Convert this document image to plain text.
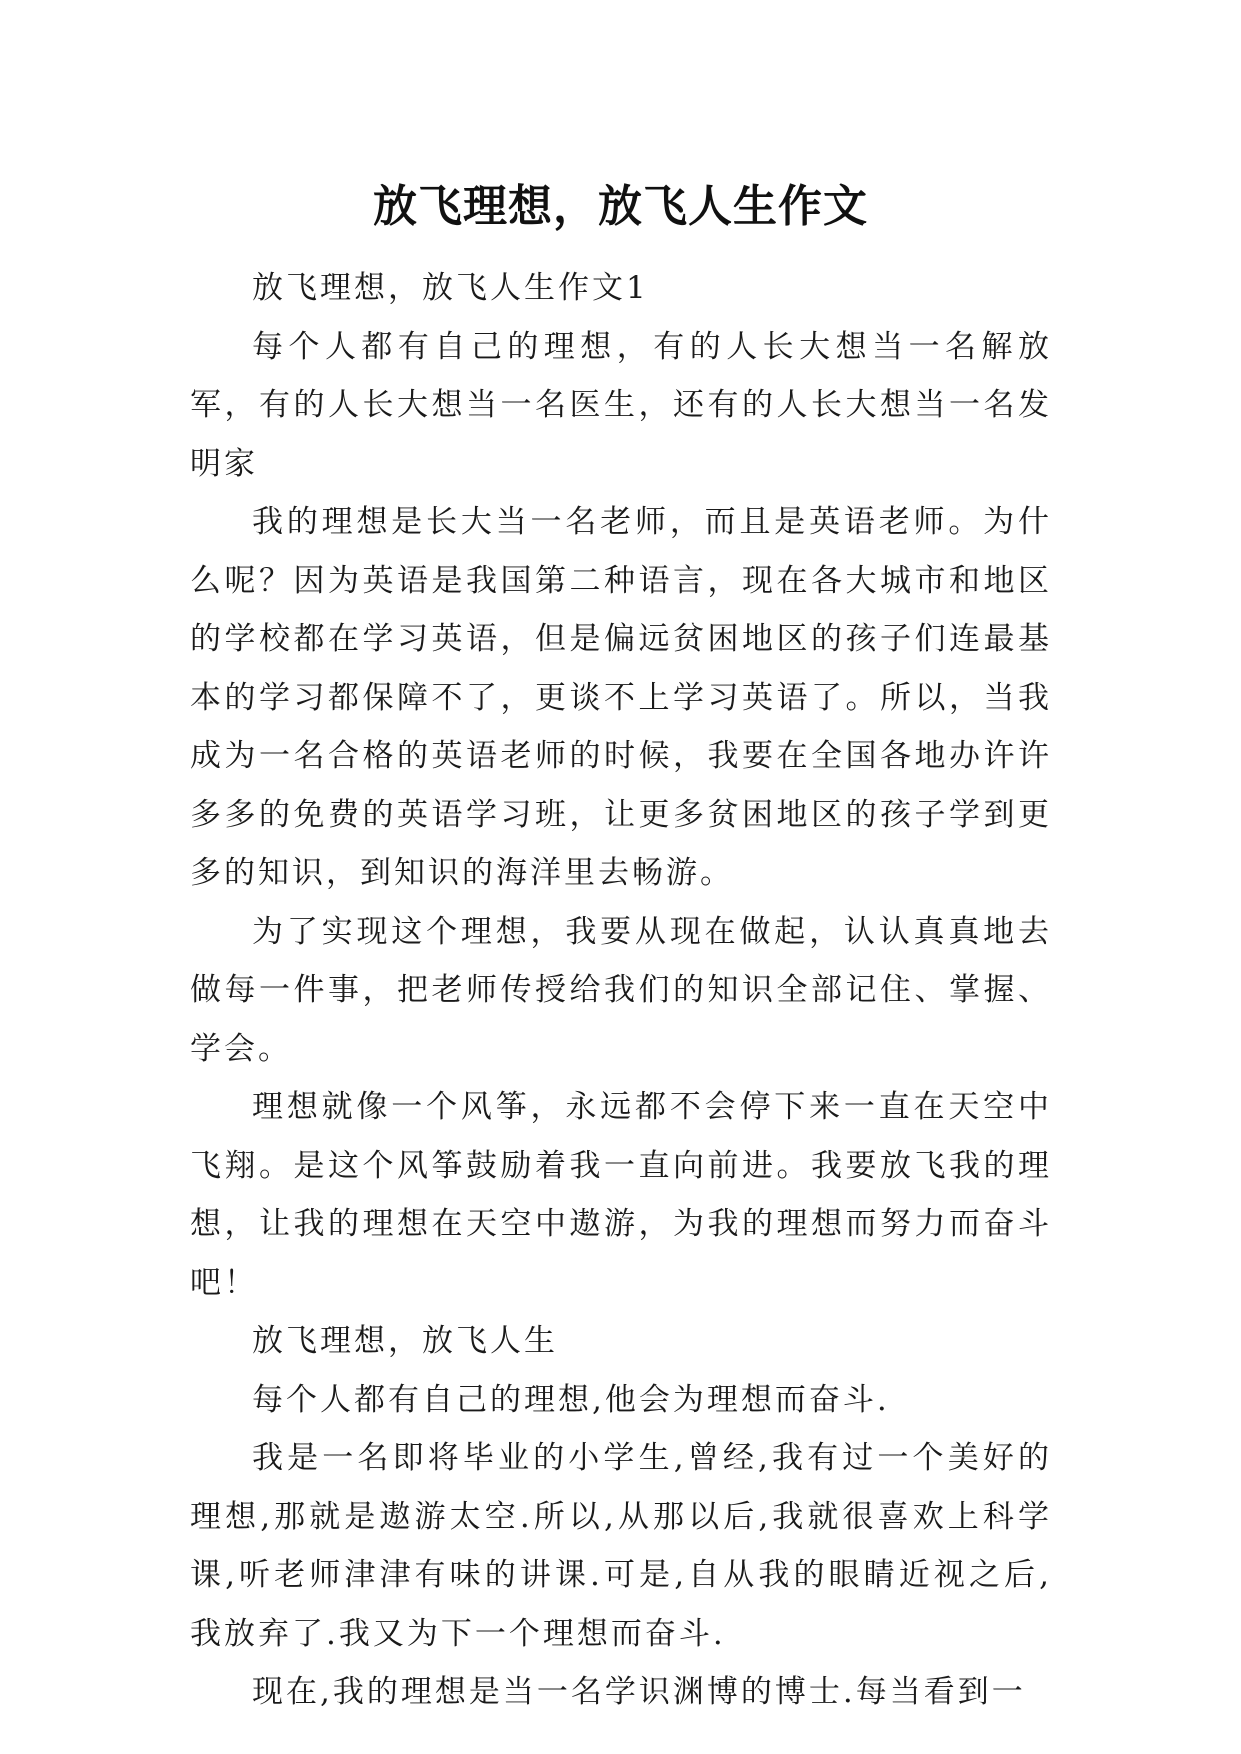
放飞理想，放飞人生作文

放飞理想，放飞人生作文1

每个人都有自己的理想，有的人长大想当一名解放军，有的人长大想当一名医生，还有的人长大想当一名发明家

我的理想是长大当一名老师，而且是英语老师。为什么呢？因为英语是我国第二种语言，现在各大城市和地区的学校都在学习英语，但是偏远贫困地区的孩子们连最基本的学习都保障不了，更谈不上学习英语了。所以，当我成为一名合格的英语老师的时候，我要在全国各地办许许多多的免费的英语学习班，让更多贫困地区的孩子学到更多的知识，到知识的海洋里去畅游。

为了实现这个理想，我要从现在做起，认认真真地去做每一件事，把老师传授给我们的知识全部记住、掌握、学会。

理想就像一个风筝，永远都不会停下来一直在天空中飞翔。是这个风筝鼓励着我一直向前进。我要放飞我的理想，让我的理想在天空中遨游，为我的理想而努力而奋斗吧！

放飞理想，放飞人生

每个人都有自己的理想,他会为理想而奋斗.

我是一名即将毕业的小学生,曾经,我有过一个美好的理想,那就是遨游太空.所以,从那以后,我就很喜欢上科学课,听老师津津有味的讲课.可是,自从我的眼睛近视之后,我放弃了.我又为下一个理想而奋斗.

现在,我的理想是当一名学识渊博的博士.每当看到一
